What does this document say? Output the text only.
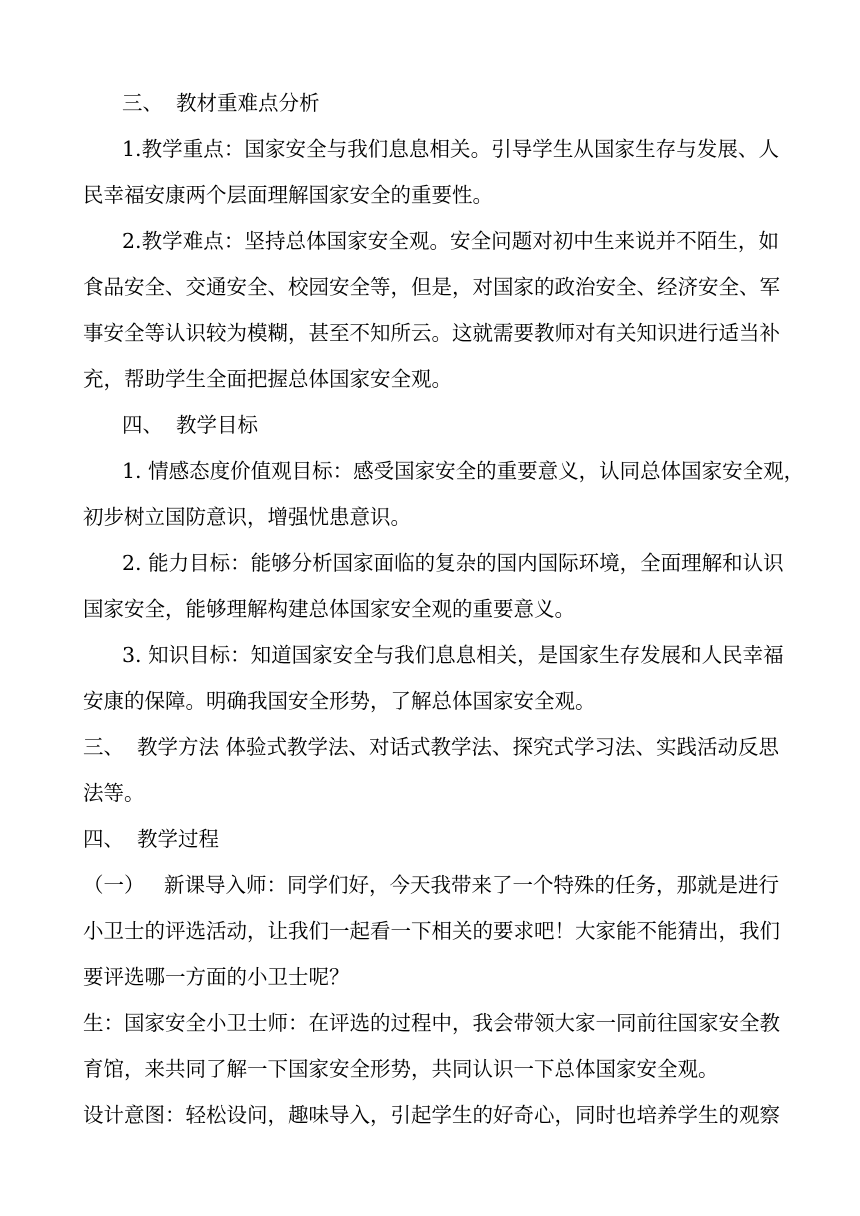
三、  教材重难点分析

1.教学重点：国家安全与我们息息相关。引导学生从国家生存与发展、人

民幸福安康两个层面理解国家安全的重要性。

2.教学难点：坚持总体国家安全观。安全问题对初中生来说并不陌生，如

食品安全、交通安全、校园安全等，但是，对国家的政治安全、经济安全、军

事安全等认识较为模糊，甚至不知所云。这就需要教师对有关知识进行适当补

充，帮助学生全面把握总体国家安全观。

四、  教学目标

1. 情感态度价值观目标：感受国家安全的重要意义，认同总体国家安全观，

初步树立国防意识，增强忧患意识。

2. 能力目标：能够分析国家面临的复杂的国内国际环境，全面理解和认识

国家安全，能够理解构建总体国家安全观的重要意义。

3. 知识目标：知道国家安全与我们息息相关，是国家生存发展和人民幸福

安康的保障。明确我国安全形势，了解总体国家安全观。

三、  教学方法 体验式教学法、对话式教学法、探究式学习法、实践活动反思

法等。

四、  教学过程

（一）   新课导入师：同学们好，今天我带来了一个特殊的任务，那就是进行

小卫士的评选活动，让我们一起看一下相关的要求吧！大家能不能猜出，我们

要评选哪一方面的小卫士呢？

生：国家安全小卫士师：在评选的过程中，我会带领大家一同前往国家安全教

育馆，来共同了解一下国家安全形势，共同认识一下总体国家安全观。

设计意图：轻松设问，趣味导入，引起学生的好奇心，同时也培养学生的观察
